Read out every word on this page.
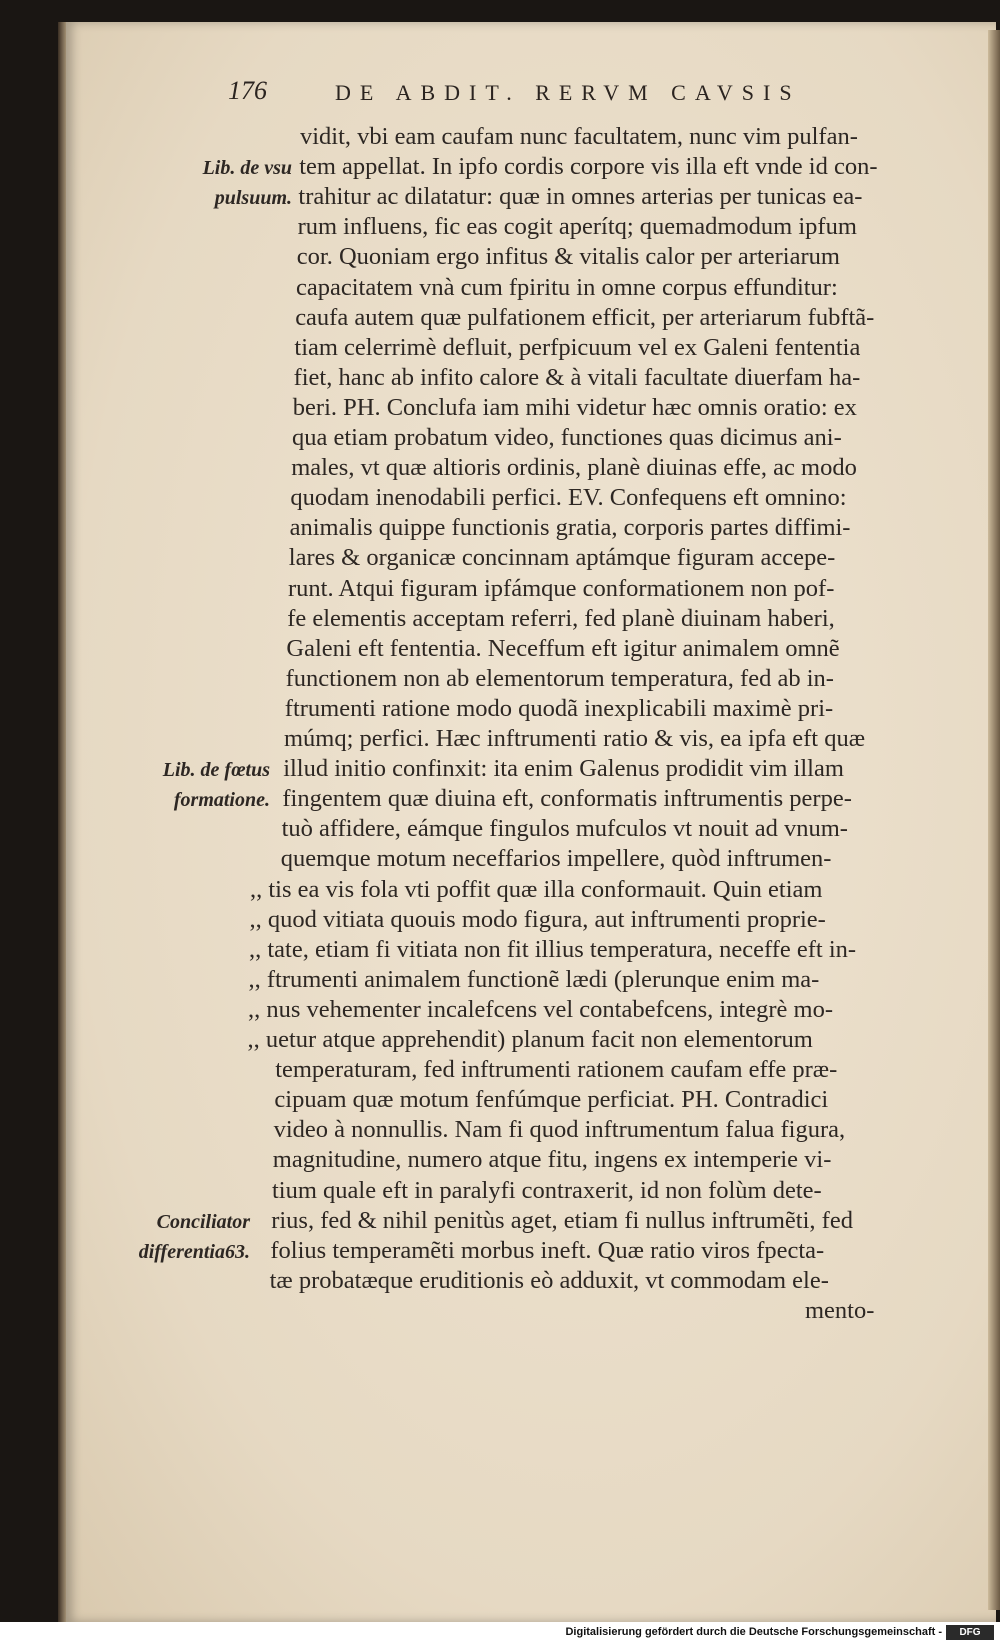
176	DE ABDIT. RERVM CAVSIS
vidit, vbi eam caufam nunc facultatem, nunc vim pulfan-
tem appellat. In ipfo cordis corpore vis illa eft vnde id con-
trahitur ac dilatatur: quæ in omnes arterias per tunicas ea-
rum influens, fic eas cogit aperítq; quemadmodum ipfum
cor. Quoniam ergo infitus & vitalis calor per arteriarum
capacitatem vnà cum fpiritu in omne corpus effunditur:
caufa autem quæ pulfationem efficit, per arteriarum fubftã-
tiam celerrimè defluit, perfpicuum vel ex Galeni fententia
fiet, hanc ab infito calore & à vitali facultate diuerfam ha-
beri. PH. Conclufa iam mihi videtur hæc omnis oratio: ex
qua etiam probatum video, functiones quas dicimus ani-
males, vt quæ altioris ordinis, planè diuinas effe, ac modo
quodam inenodabili perfici. EV. Confequens eft omnino:
animalis quippe functionis gratia, corporis partes diffimi-
lares & organicæ concinnam aptámque figuram accepe-
runt. Atqui figuram ipfámque conformationem non pof-
fe elementis acceptam referri, fed planè diuinam haberi,
Galeni eft fententia. Neceffum eft igitur animalem omnẽ
functionem non ab elementorum temperatura, fed ab in-
ftrumenti ratione modo quodã inexplicabili maximè pri-
múmq; perfici. Hæc inftrumenti ratio & vis, ea ipfa eft quæ
illud initio confinxit: ita enim Galenus prodidit vim illam
fingentem quæ diuina eft, conformatis inftrumentis perpe-
tuò affidere, eámque fingulos mufculos vt nouit ad vnum-
quemque motum neceffarios impellere, quòd inftrumen-
,, tis ea vis fola vti poffit quæ illa conformauit. Quin etiam
,, quod vitiata quouis modo figura, aut inftrumenti proprie-
,, tate, etiam fi vitiata non fit illius temperatura, neceffe eft in-
,, ftrumenti animalem functionẽ lædi (plerunque enim ma-
,, nus vehementer incalefcens vel contabefcens, integrè mo-
,, uetur atque apprehendit) planum facit non elementorum
temperaturam, fed inftrumenti rationem caufam effe præ-
cipuam quæ motum fenfúmque perficiat. PH. Contradici
video à nonnullis. Nam fi quod inftrumentum falua figura,
magnitudine, numero atque fitu, ingens ex intemperie vi-
tium quale eft in paralyfi contraxerit, id non folùm dete-
rius, fed & nihil penitùs aget, etiam fi nullus inftrumẽti, fed
folius temperamẽti morbus ineft. Quæ ratio viros fpecta-
tæ probatæque eruditionis eò adduxit, vt commodam ele-
mento-
Lib. de vsu
pulsuum.
Lib. de fœtus
formatione.
Conciliator
differentia63.
Digitalisierung gefördert durch die Deutsche Forschungsgemeinschaft -	DFG
